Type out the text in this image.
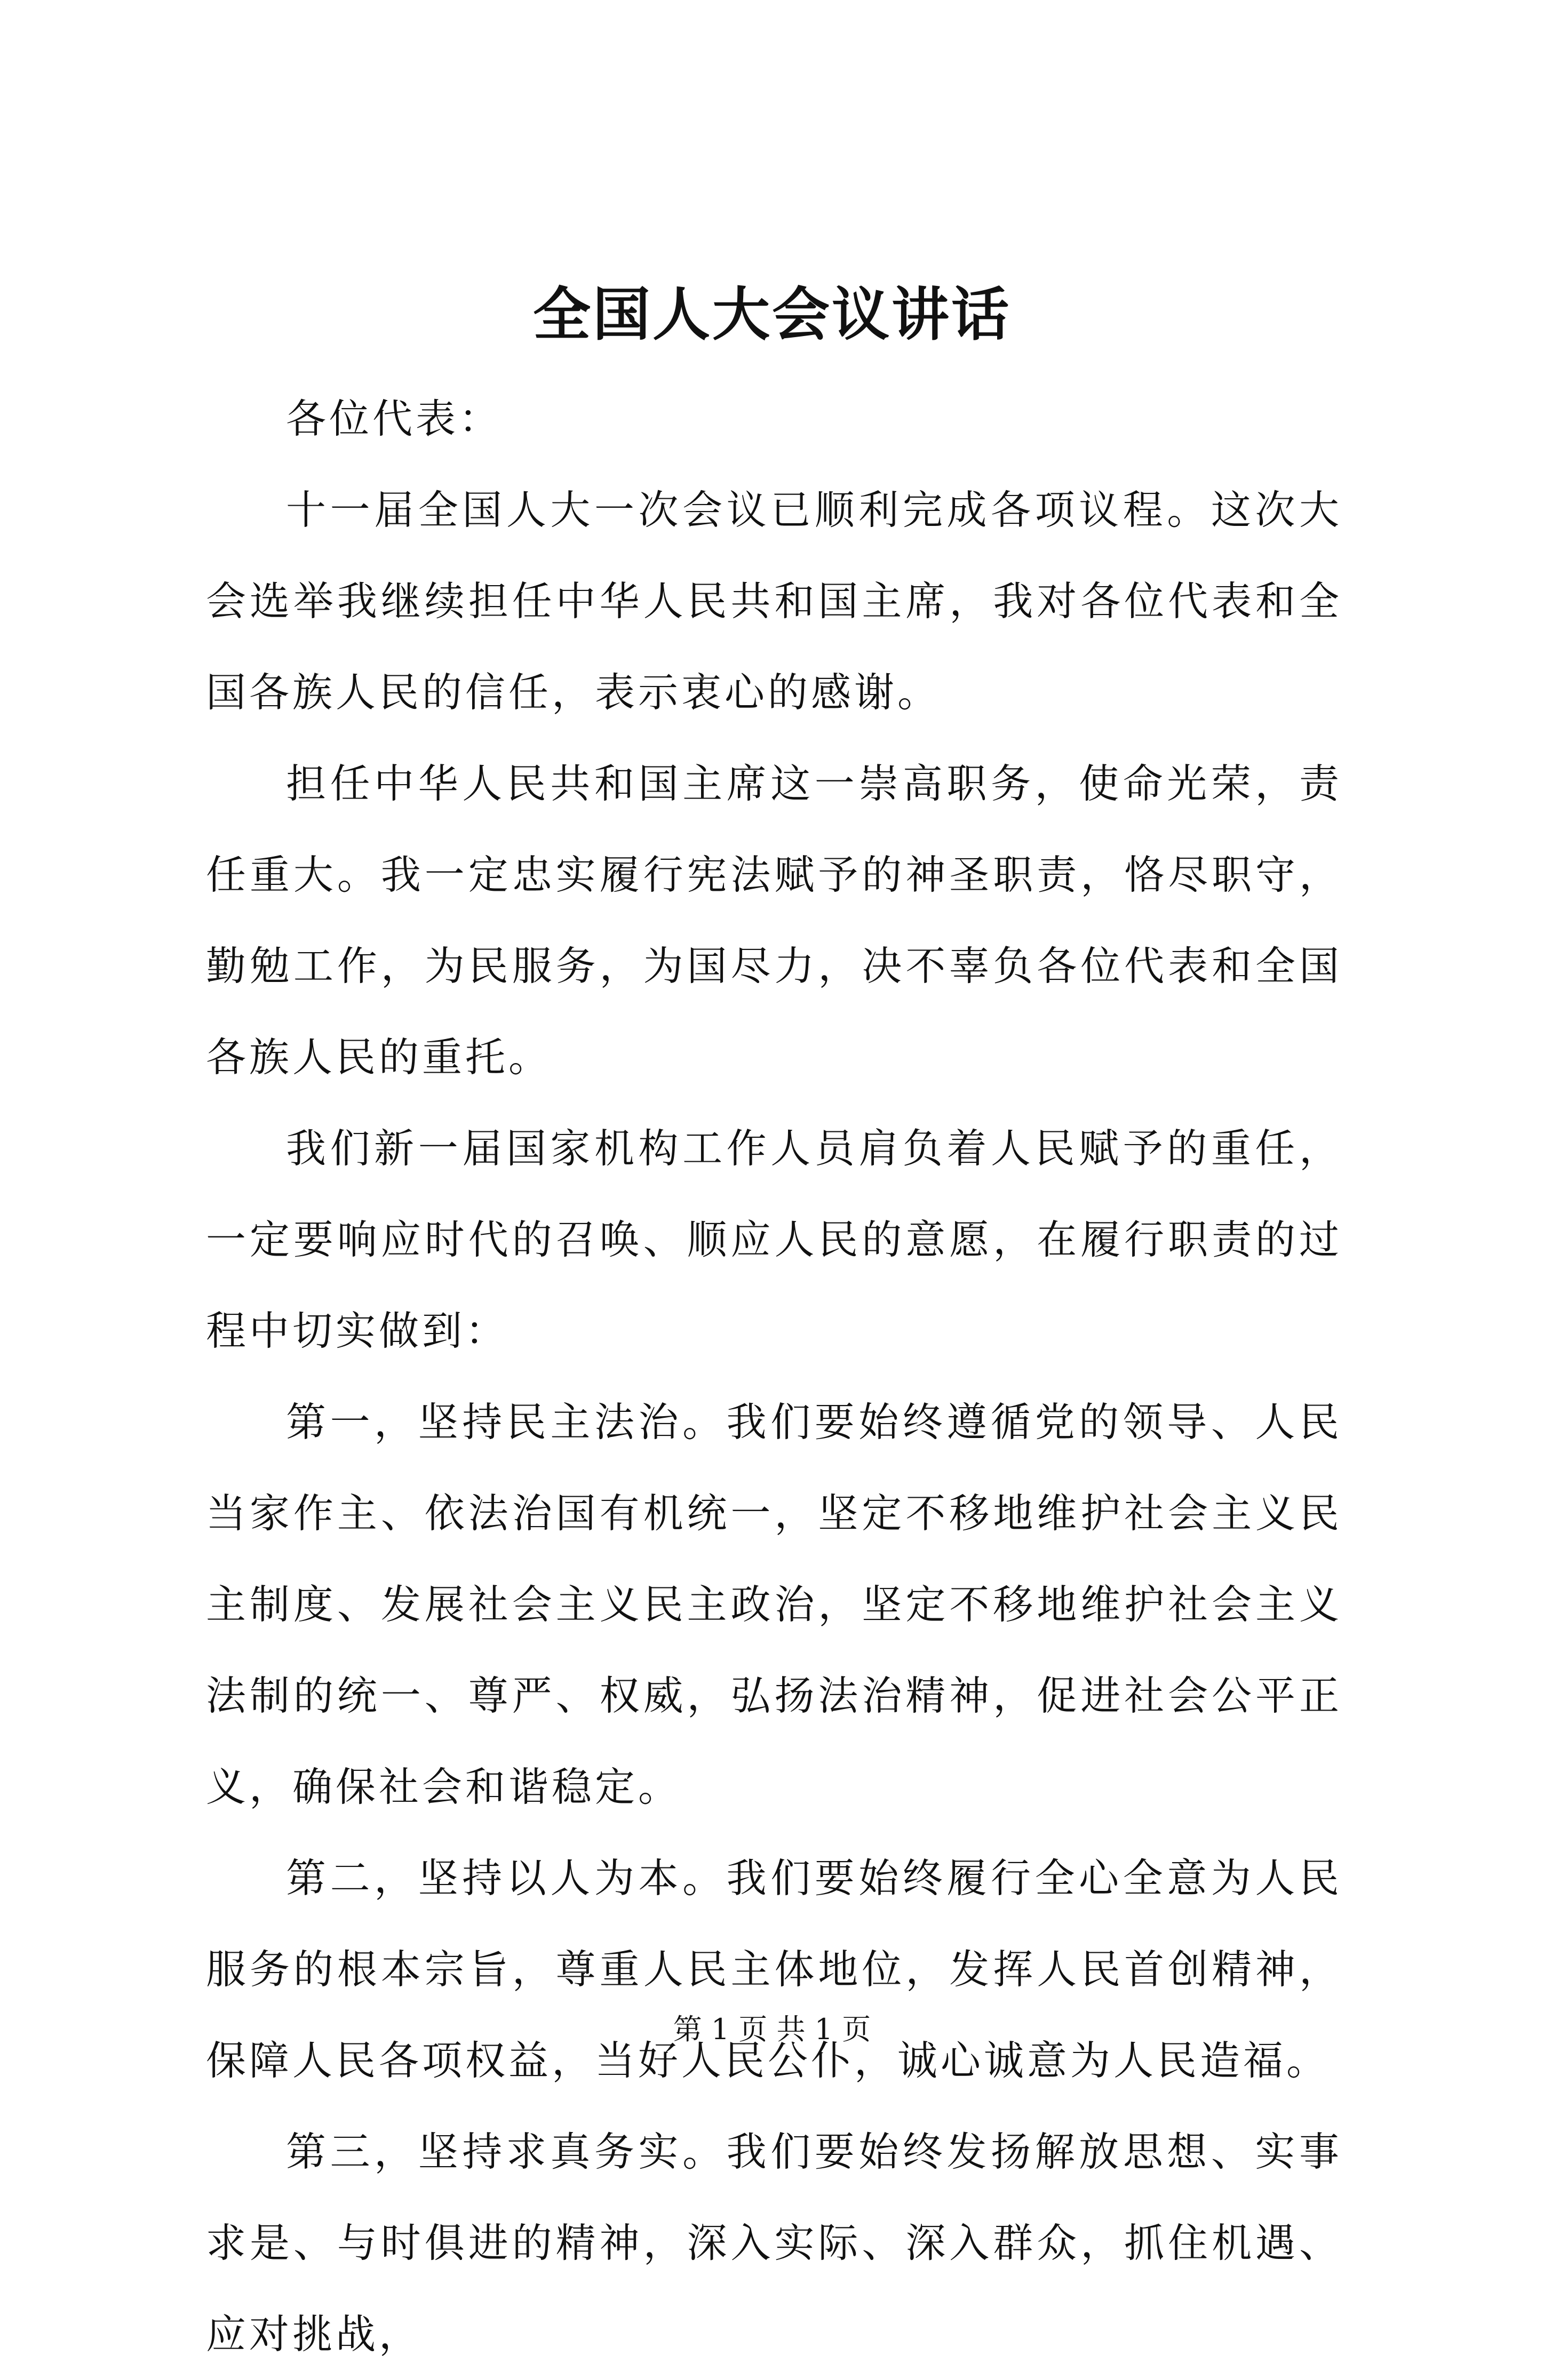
全国人大会议讲话

各位代表：

十一届全国人大一次会议已顺利完成各项议程。这次大会选举我继续担任中华人民共和国主席，我对各位代表和全国各族人民的信任，表示衷心的感谢。

担任中华人民共和国主席这一崇高职务，使命光荣，责任重大。我一定忠实履行宪法赋予的神圣职责，恪尽职守，勤勉工作，为民服务，为国尽力，决不辜负各位代表和全国各族人民的重托。

我们新一届国家机构工作人员肩负着人民赋予的重任，一定要响应时代的召唤、顺应人民的意愿，在履行职责的过程中切实做到：

第一，坚持民主法治。我们要始终遵循党的领导、人民当家作主、依法治国有机统一，坚定不移地维护社会主义民主制度、发展社会主义民主政治，坚定不移地维护社会主义法制的统一、尊严、权威，弘扬法治精神，促进社会公平正义，确保社会和谐稳定。

第二，坚持以人为本。我们要始终履行全心全意为人民服务的根本宗旨，尊重人民主体地位，发挥人民首创精神，保障人民各项权益，当好人民公仆，诚心诚意为人民造福。

第三，坚持求真务实。我们要始终发扬解放思想、实事求是、与时俱进的精神，深入实际、深入群众，抓住机遇、应对挑战，

第 1 页 共 1 页
